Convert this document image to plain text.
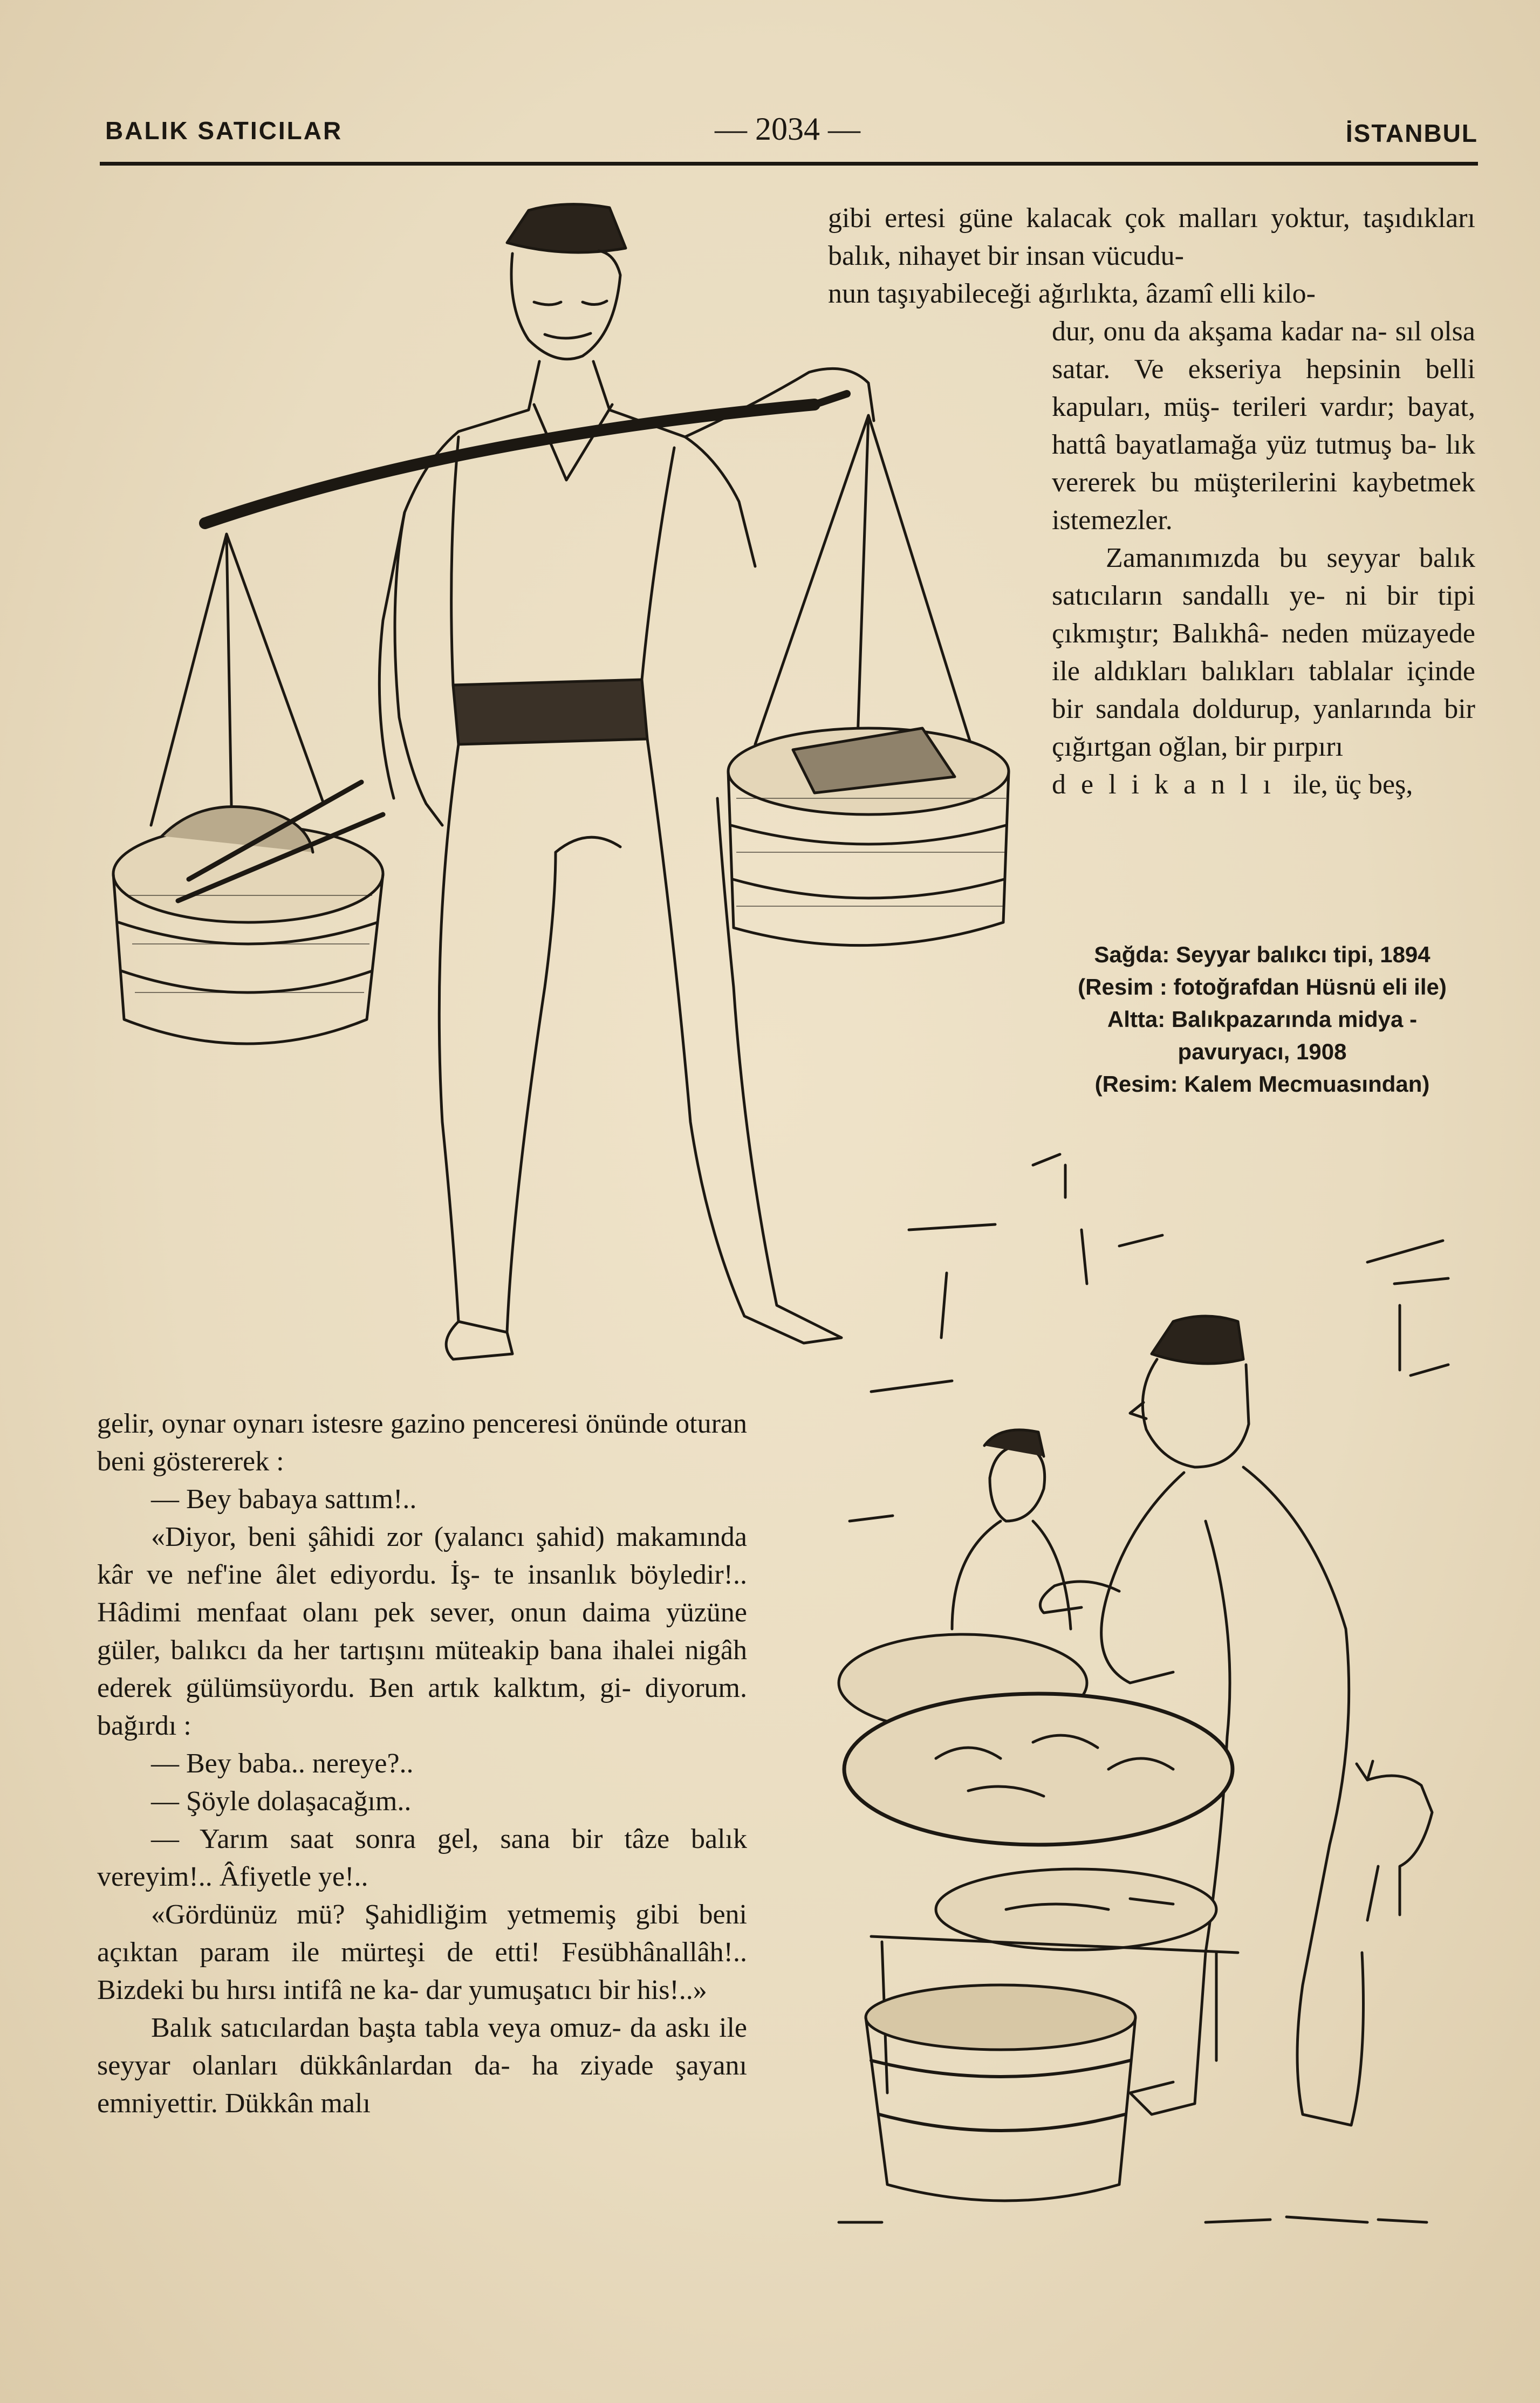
BALIK SATICILAR	— 2034 —	İSTANBUL

gibi ertesi güne kalacak çok malları yoktur, taşıdıkları balık, nihayet bir insan vücudu-

nun taşıyabileceği ağırlıkta, âzamî elli kilo-

dur, onu da akşama kadar na- sıl olsa satar. Ve ekseriya hepsinin belli kapuları, müş- terileri vardır; bayat, hattâ bayatlamağa yüz tutmuş ba- lık vererek bu müşterilerini kaybetmek istemezler.

Zamanımızda bu seyyar balık satıcıların sandallı ye- ni bir tipi çıkmıştır; Balıkhâ- neden müzayede ile aldıkları balıkları tablalar içinde bir sandala doldurup, yanlarında bir çığırtgan oğlan, bir pırpırı

delikanlı ile, üç beş,

Sağda: Seyyar balıkcı tipi, 1894
(Resim : fotoğrafdan Hüsnü eli ile)
Altta: Balıkpazarında midya -
pavuryacı, 1908
(Resim: Kalem Mecmuasından)

gelir, oynar oynarı istesre gazino penceresi önünde oturan beni göstererek :

— Bey babaya sattım!..

«Diyor, beni şâhidi zor (yalancı şahid) makamında kâr ve nef'ine âlet ediyordu. İş- te insanlık böyledir!.. Hâdimi menfaat olanı pek sever, onun daima yüzüne güler, balıkcı da her tartışını müteakip bana ihalei nigâh ederek gülümsüyordu. Ben artık kalktım, gi- diyorum. bağırdı :

— Bey baba.. nereye?..

— Şöyle dolaşacağım..

— Yarım saat sonra gel, sana bir tâze balık vereyim!.. Âfiyetle ye!..

«Gördünüz mü? Şahidliğim yetmemiş gibi beni açıktan param ile mürteşi de etti! Fesübhânallâh!.. Bizdeki bu hırsı intifâ ne ka- dar yumuşatıcı bir his!..»

Balık satıcılardan başta tabla veya omuz- da askı ile seyyar olanları dükkânlardan da- ha ziyade şayanı emniyettir. Dükkân malı
